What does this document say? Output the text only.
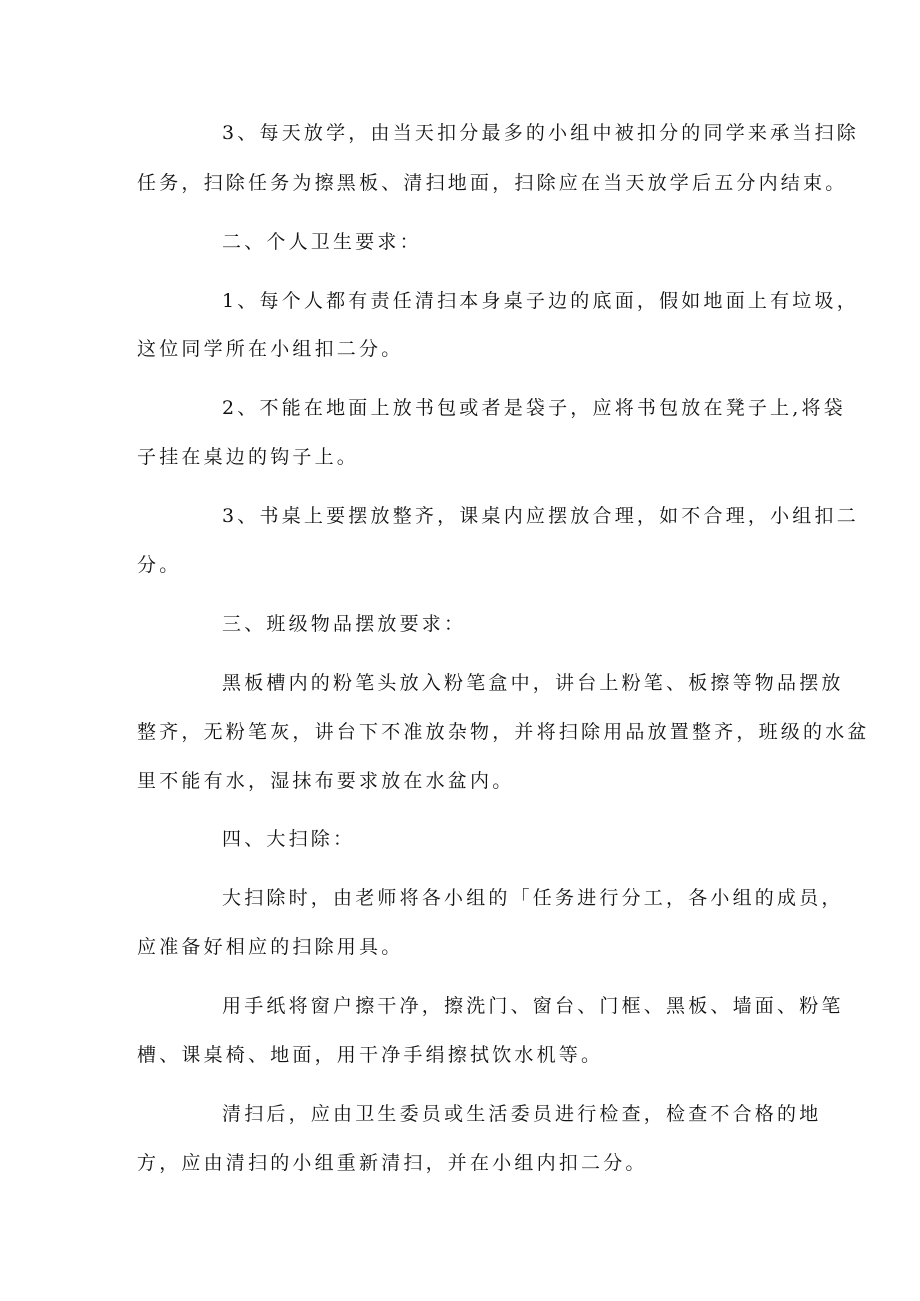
3、每天放学，由当天扣分最多的小组中被扣分的同学来承当扫除
任务，扫除任务为擦黑板、清扫地面，扫除应在当天放学后五分内结束。
二、个人卫生要求：
1、每个人都有责任清扫本身桌子边的底面，假如地面上有垃圾，
这位同学所在小组扣二分。
2、不能在地面上放书包或者是袋子，应将书包放在凳子上,将袋
子挂在桌边的钩子上。
3、书桌上要摆放整齐，课桌内应摆放合理，如不合理，小组扣二
分。
三、班级物品摆放要求：
黑板槽内的粉笔头放入粉笔盒中，讲台上粉笔、板擦等物品摆放
整齐，无粉笔灰，讲台下不准放杂物，并将扫除用品放置整齐，班级的水盆
里不能有水，湿抹布要求放在水盆内。
四、大扫除：
大扫除时，由老师将各小组的「任务进行分工，各小组的成员，
应准备好相应的扫除用具。
用手纸将窗户擦干净，擦洗门、窗台、门框、黑板、墙面、粉笔
槽、课桌椅、地面，用干净手绢擦拭饮水机等。
清扫后，应由卫生委员或生活委员进行检查，检查不合格的地
方，应由清扫的小组重新清扫，并在小组内扣二分。
